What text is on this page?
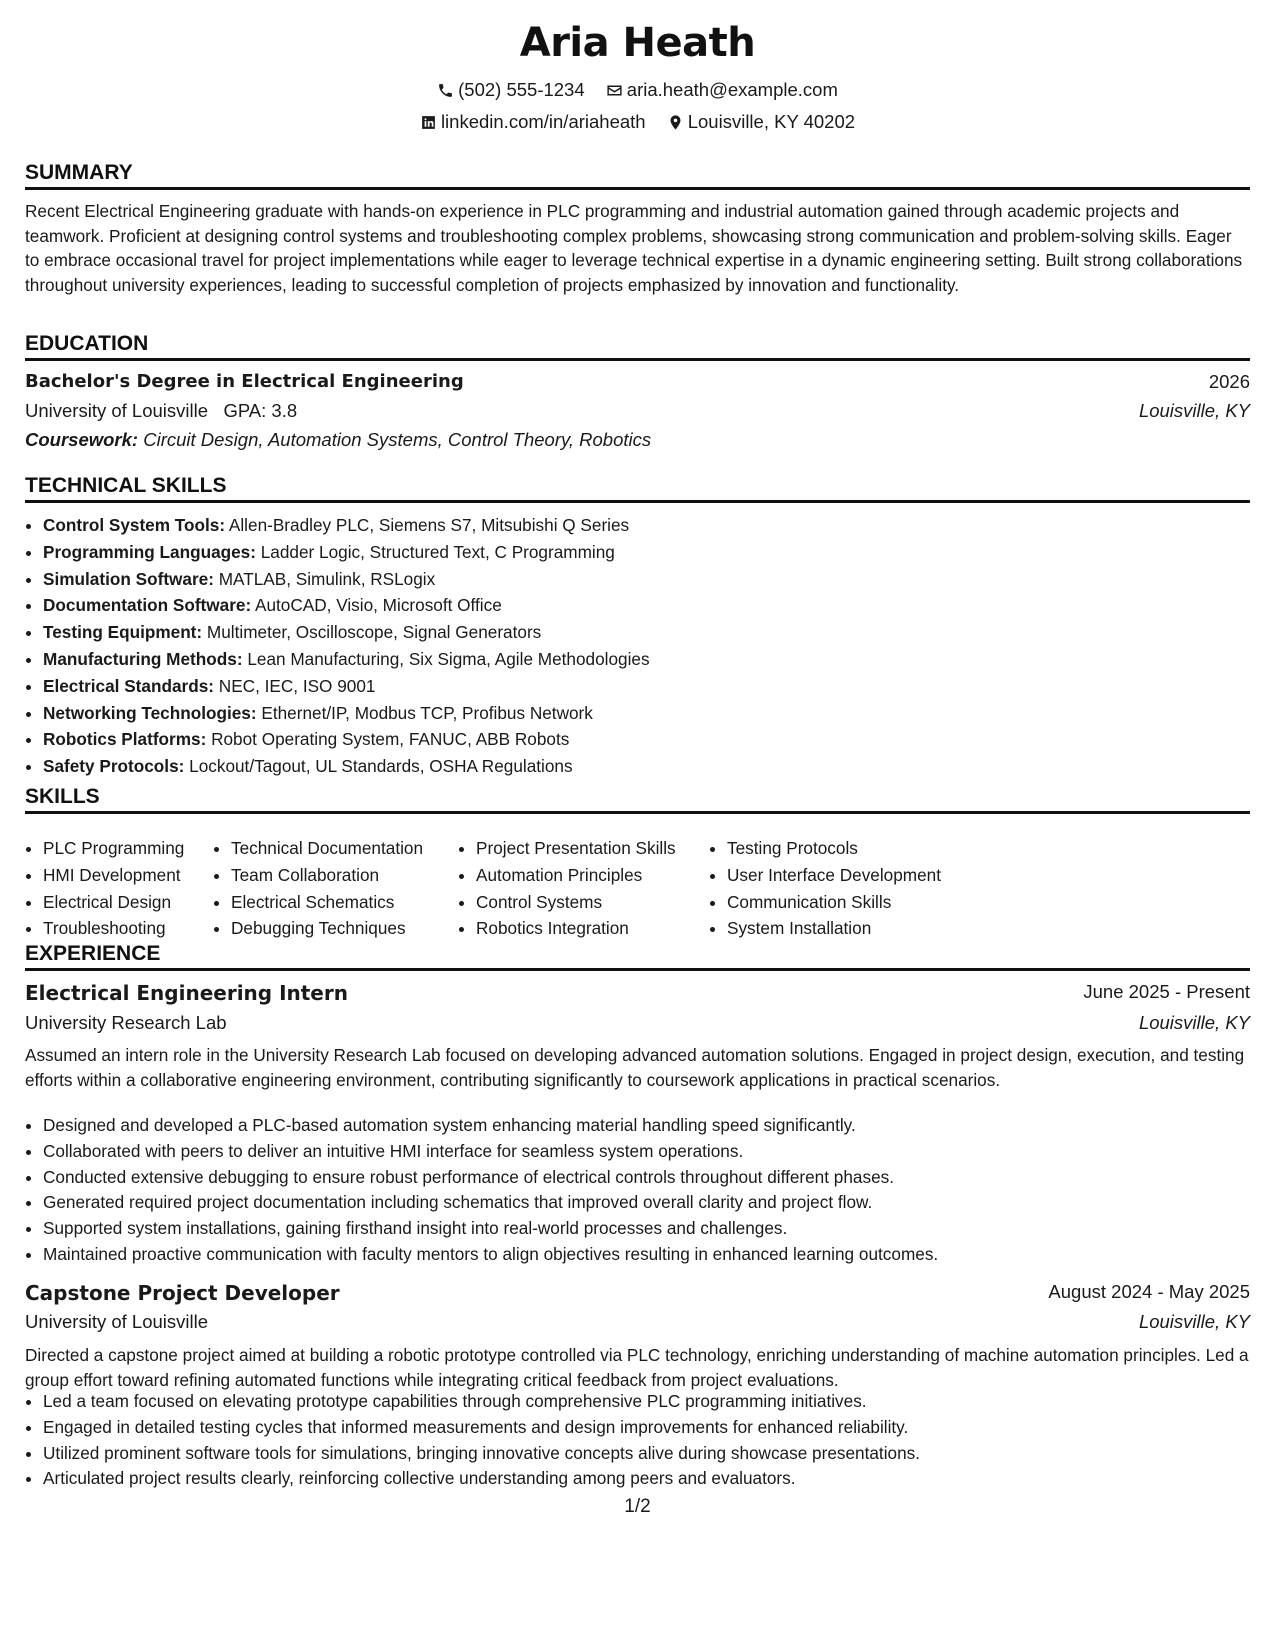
Aria Heath
(502) 555-1234
aria.heath@example.com
linkedin.com/in/ariaheath
Louisville, KY 40202
SUMMARY
Recent Electrical Engineering graduate with hands-on experience in PLC programming and industrial automation gained through academic projects and teamwork. Proficient at designing control systems and troubleshooting complex problems, showcasing strong communication and problem-solving skills. Eager to embrace occasional travel for project implementations while eager to leverage technical expertise in a dynamic engineering setting. Built strong collaborations throughout university experiences, leading to successful completion of projects emphasized by innovation and functionality.
EDUCATION
Bachelor's Degree in Electrical Engineering	2026
University of Louisville GPA: 3.8	Louisville, KY
Coursework: Circuit Design, Automation Systems, Control Theory, Robotics
TECHNICAL SKILLS
• Control System Tools: Allen-Bradley PLC, Siemens S7, Mitsubishi Q Series
• Programming Languages: Ladder Logic, Structured Text, C Programming
• Simulation Software: MATLAB, Simulink, RSLogix
• Documentation Software: AutoCAD, Visio, Microsoft Office
• Testing Equipment: Multimeter, Oscilloscope, Signal Generators
• Manufacturing Methods: Lean Manufacturing, Six Sigma, Agile Methodologies
• Electrical Standards: NEC, IEC, ISO 9001
• Networking Technologies: Ethernet/IP, Modbus TCP, Profibus Network
• Robotics Platforms: Robot Operating System, FANUC, ABB Robots
• Safety Protocols: Lockout/Tagout, UL Standards, OSHA Regulations
SKILLS
• PLC Programming
• HMI Development
• Electrical Design
• Troubleshooting
• Technical Documentation
• Team Collaboration
• Electrical Schematics
• Debugging Techniques
• Project Presentation Skills
• Automation Principles
• Control Systems
• Robotics Integration
• Testing Protocols
• User Interface Development
• Communication Skills
• System Installation
EXPERIENCE
Electrical Engineering Intern	June 2025 - Present
University Research Lab	Louisville, KY
Assumed an intern role in the University Research Lab focused on developing advanced automation solutions. Engaged in project design, execution, and testing efforts within a collaborative engineering environment, contributing significantly to coursework applications in practical scenarios.
• Designed and developed a PLC-based automation system enhancing material handling speed significantly.
• Collaborated with peers to deliver an intuitive HMI interface for seamless system operations.
• Conducted extensive debugging to ensure robust performance of electrical controls throughout different phases.
• Generated required project documentation including schematics that improved overall clarity and project flow.
• Supported system installations, gaining firsthand insight into real-world processes and challenges.
• Maintained proactive communication with faculty mentors to align objectives resulting in enhanced learning outcomes.
Capstone Project Developer	August 2024 - May 2025
University of Louisville	Louisville, KY
Directed a capstone project aimed at building a robotic prototype controlled via PLC technology, enriching understanding of machine automation principles. Led a group effort toward refining automated functions while integrating critical feedback from project evaluations.
• Led a team focused on elevating prototype capabilities through comprehensive PLC programming initiatives.
• Engaged in detailed testing cycles that informed measurements and design improvements for enhanced reliability.
• Utilized prominent software tools for simulations, bringing innovative concepts alive during showcase presentations.
• Articulated project results clearly, reinforcing collective understanding among peers and evaluators.
1/2
